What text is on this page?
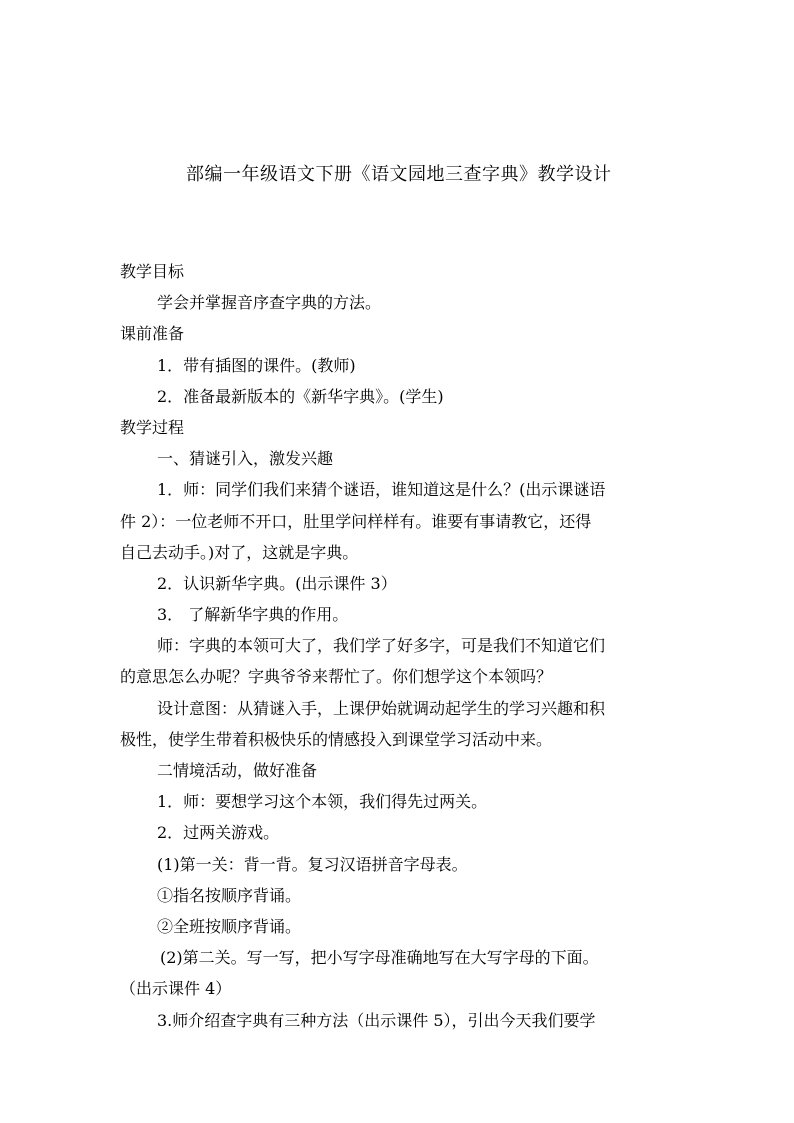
部编一年级语文下册《语文园地三查字典》教学设计
教学目标
学会并掌握音序查字典的方法。
课前准备
1．带有插图的课件。(教师)
2．准备最新版本的《新华字典》。(学生)
教学过程
一、猜谜引入，激发兴趣
1．师：同学们我们来猜个谜语，谁知道这是什么？(出示课谜语
件 2）：一位老师不开口，肚里学问样样有。谁要有事请教它，还得
自己去动手。)对了，这就是字典。
2．认识新华字典。(出示课件 3）
3． 了解新华字典的作用。
师：字典的本领可大了，我们学了好多字，可是我们不知道它们
的意思怎么办呢？字典爷爷来帮忙了。你们想学这个本领吗？
设计意图：从猜谜入手，上课伊始就调动起学生的学习兴趣和积
极性，使学生带着积极快乐的情感投入到课堂学习活动中来。
二情境活动，做好准备
1．师：要想学习这个本领，我们得先过两关。
2．过两关游戏。
(1)第一关：背一背。复习汉语拼音字母表。
①指名按顺序背诵。
②全班按顺序背诵。
(2)第二关。写一写，把小写字母准确地写在大写字母的下面。
（出示课件 4）
3.师介绍查字典有三种方法（出示课件 5），引出今天我们要学
